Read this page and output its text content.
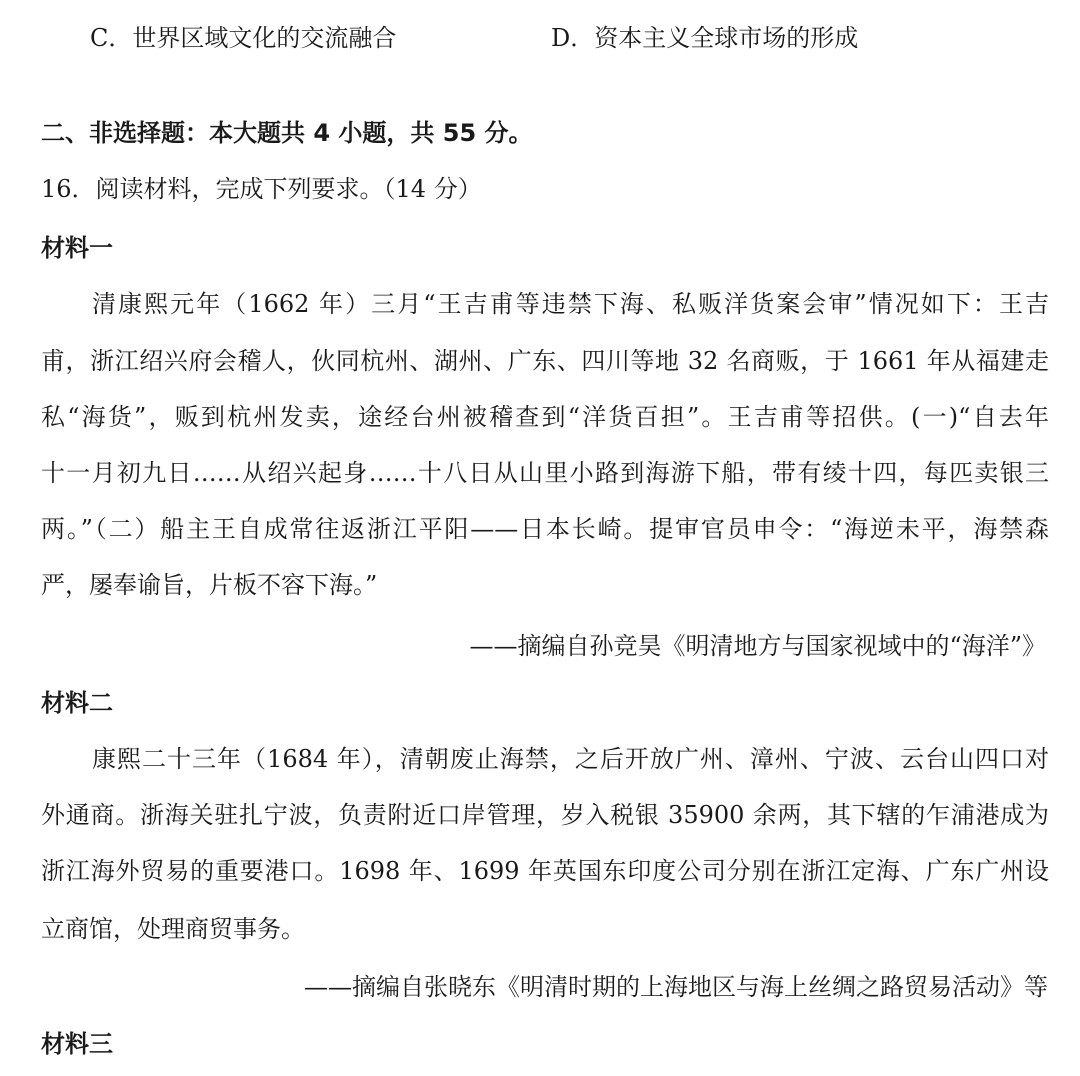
C．世界区域文化的交流融合	D．资本主义全球市场的形成
二、非选择题：本大题共 4 小题，共 55 分。
16．阅读材料，完成下列要求。（14 分）
材料一
清康熙元年（1662 年）三月“王吉甫等违禁下海、私贩洋货案会审”情况如下：王吉
甫，浙江绍兴府会稽人，伙同杭州、湖州、广东、四川等地 32 名商贩，于 1661 年从福建走
私“海货”，贩到杭州发卖，途经台州被稽查到“洋货百担”。王吉甫等招供。(一)“自去年
十一月初九日……从绍兴起身……十八日从山里小路到海游下船，带有绫十四，每匹卖银三
两。”（二）船主王自成常往返浙江平阳——日本长崎。提审官员申令：“海逆未平，海禁森
严，屡奉谕旨，片板不容下海。”
——摘编自孙竞昊《明清地方与国家视域中的“海洋”》
材料二
康熙二十三年（1684 年），清朝废止海禁，之后开放广州、漳州、宁波、云台山四口对
外通商。浙海关驻扎宁波，负责附近口岸管理，岁入税银 35900 余两，其下辖的乍浦港成为
浙江海外贸易的重要港口。1698 年、1699 年英国东印度公司分别在浙江定海、广东广州设
立商馆，处理商贸事务。
——摘编自张晓东《明清时期的上海地区与海上丝绸之路贸易活动》等
材料三
